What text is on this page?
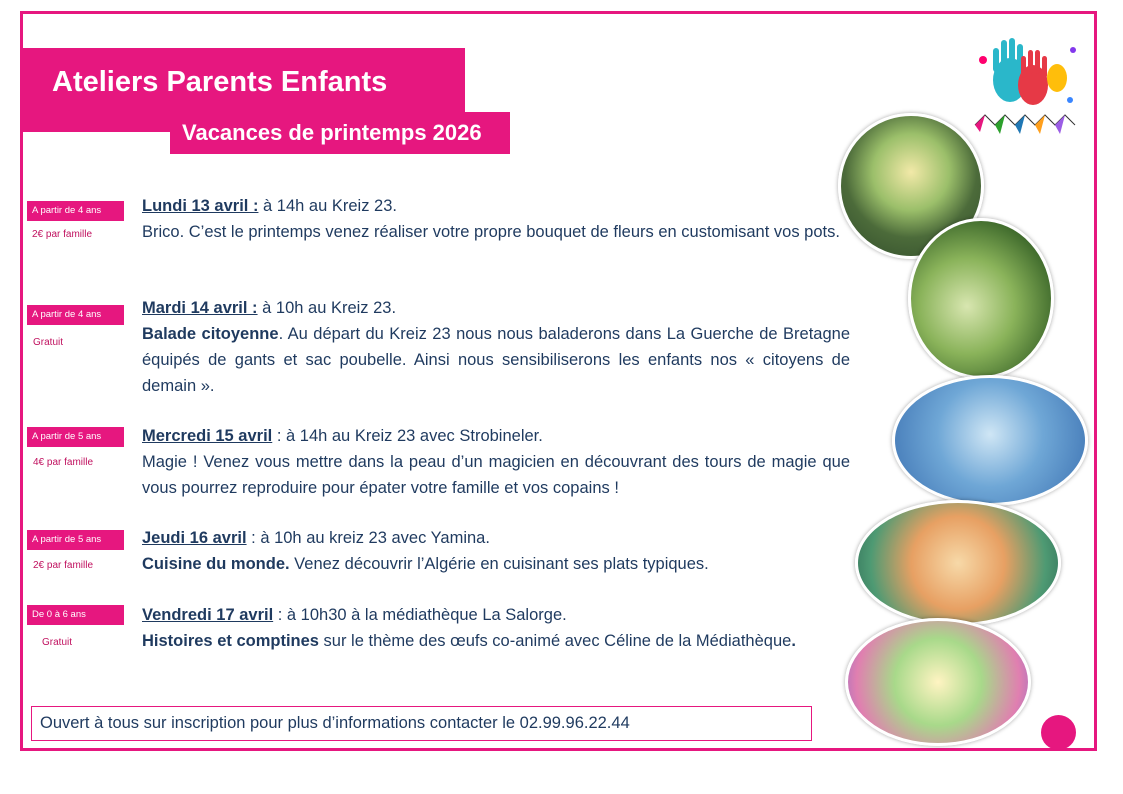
Ateliers Parents Enfants
Vacances de printemps 2026
A partir de 4 ans
2€ par famille
Lundi 13 avril : à 14h au Kreiz 23.
Brico. C’est le printemps venez réaliser votre propre bouquet de fleurs en customisant vos pots.
A partir de 4 ans
Gratuit
Mardi 14 avril : à 10h au Kreiz 23.
Balade citoyenne. Au départ du Kreiz 23 nous nous baladerons dans La Guerche de Bretagne équipés de gants et sac poubelle. Ainsi nous sensibiliserons les enfants nos « citoyens de demain ».
A partir de 5 ans
4€ par famille
Mercredi 15 avril : à 14h au Kreiz 23 avec Strobineler.
Magie ! Venez vous mettre dans la peau d’un magicien en découvrant des tours de magie que vous pourrez reproduire pour épater votre famille et vos copains !
A partir de 5 ans
2€ par famille
Jeudi 16 avril : à 10h au kreiz 23 avec Yamina.
Cuisine du monde. Venez découvrir l’Algérie en cuisinant ses plats typiques.
De 0 à 6 ans
Gratuit
Vendredi 17 avril : à 10h30 à la médiathèque La Salorge.
Histoires et comptines sur le thème des œufs co-animé avec Céline de la Médiathèque.
Ouvert à tous sur inscription pour plus d’informations contacter le 02.99.96.22.44
